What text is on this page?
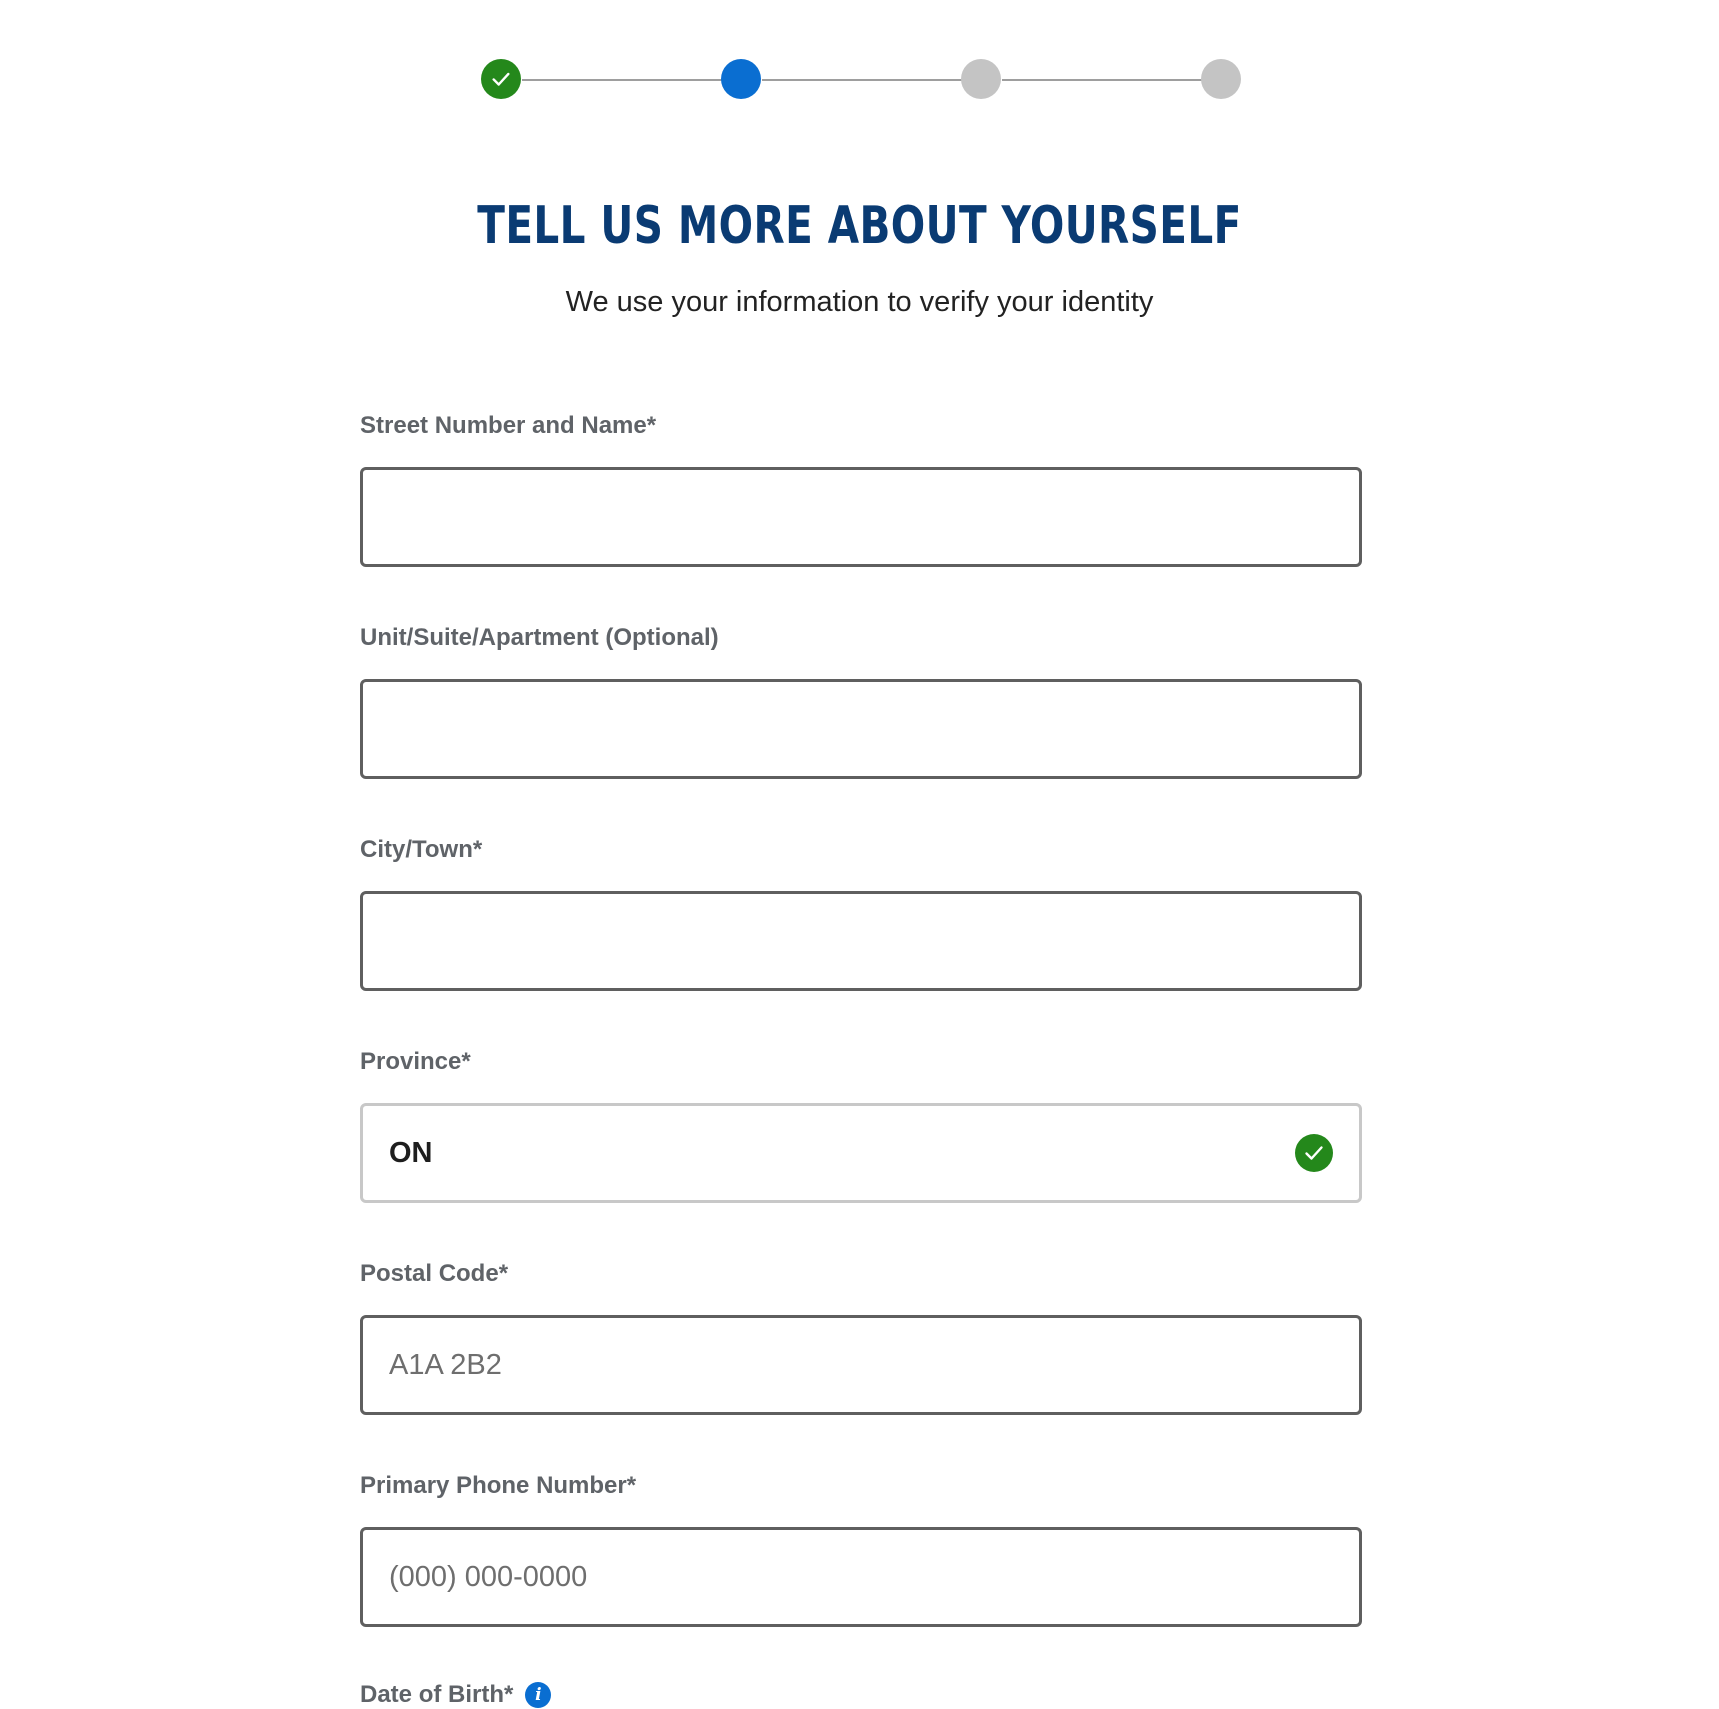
TELL US MORE ABOUT YOURSELF

We use your information to verify your identity

Street Number and Name*
Unit/Suite/Apartment (Optional)
City/Town*
Province*
ON
Postal Code*
A1A 2B2
Primary Phone Number*
(000) 000-0000
Date of Birth*	i
